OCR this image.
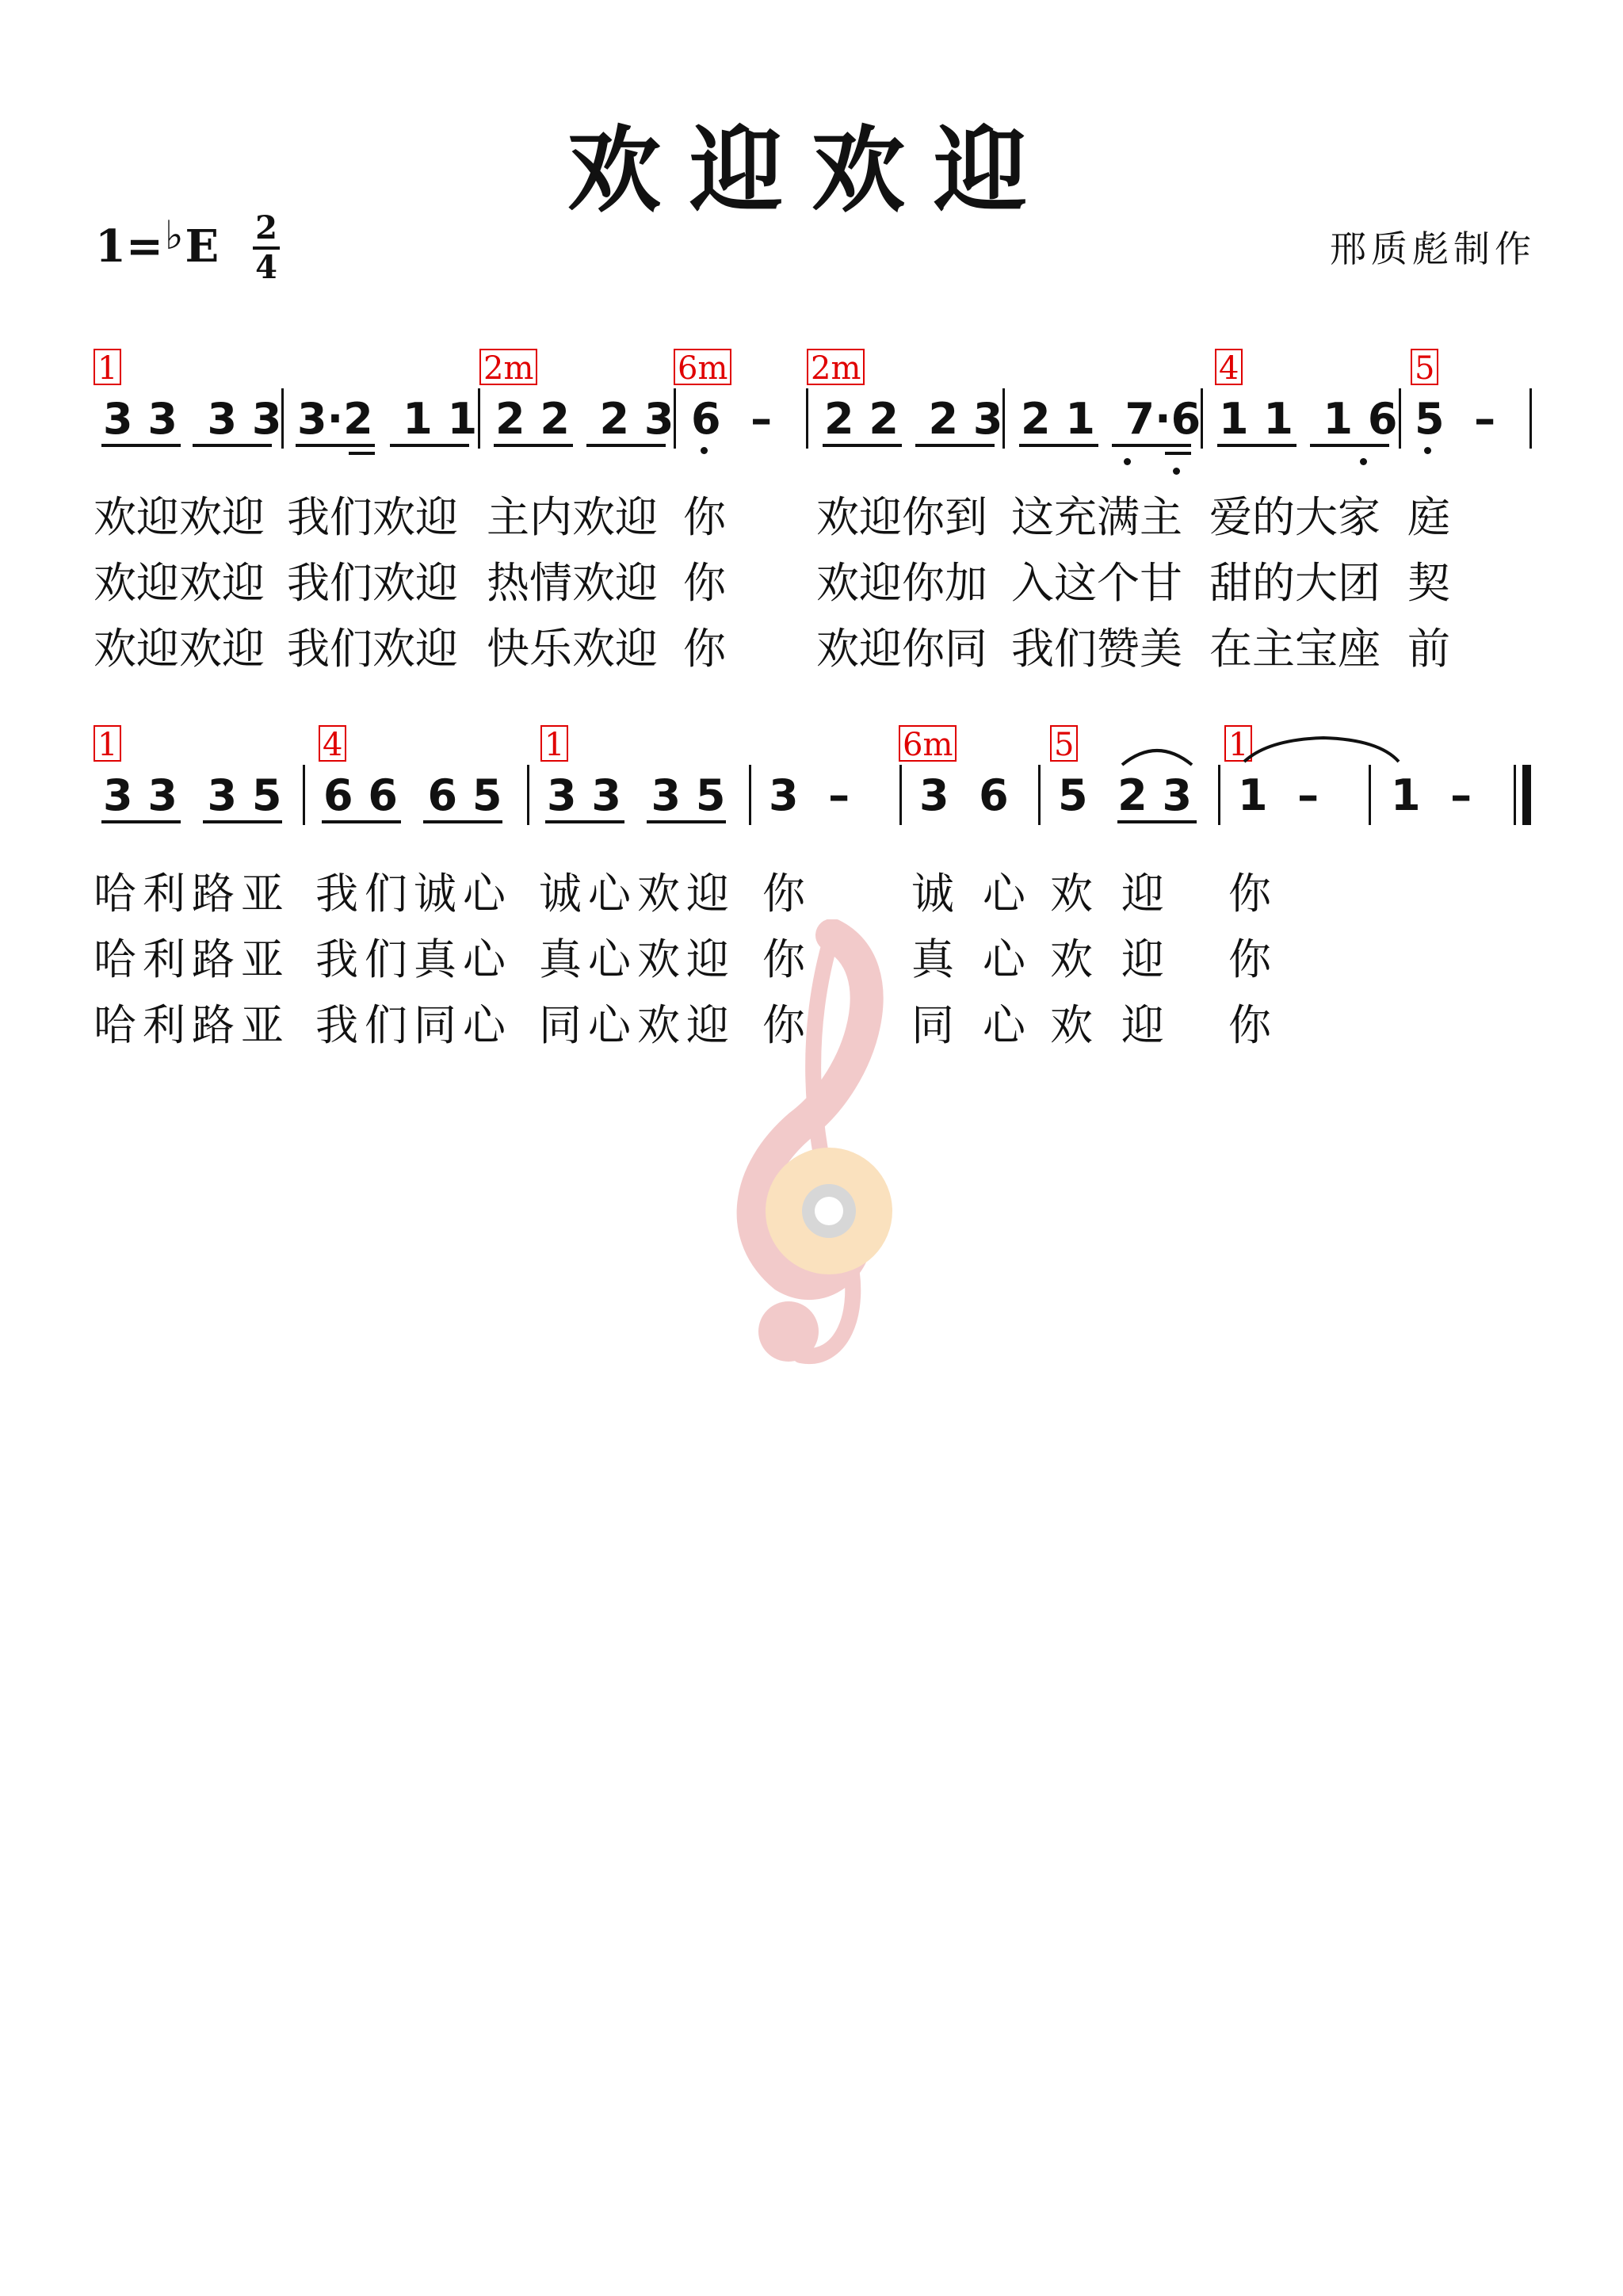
欢迎欢迎
1=♭E 2
4	邢质彪制作
1	2m	6m	2m	4	5
3 3  3 3 3·2  1 1 2 2  2 3 6  – 2 2  2 3 2 1  7·6 1 1  1 6 5  –
欢迎欢迎 我们欢迎 主内欢迎 你 欢迎你到 这充满主 爱的大家 庭
欢迎欢迎 我们欢迎 热情欢迎 你 欢迎你加 入这个甘 甜的大团 契
欢迎欢迎 我们欢迎 快乐欢迎 你 欢迎你同 我们赞美 在主宝座 前
1	4	1	6m	5	1
3 3  3 5 6 6  6 5 3 3  3 5 3  – 3  6 5  2 3 1  – 1  –
哈利路亚 我们诚心 诚心欢迎 你 诚 心 欢 迎 你
哈利路亚 我们真心 真心欢迎 你 真 心 欢 迎 你
哈利路亚 我们同心 同心欢迎 你 同 心 欢 迎 你
